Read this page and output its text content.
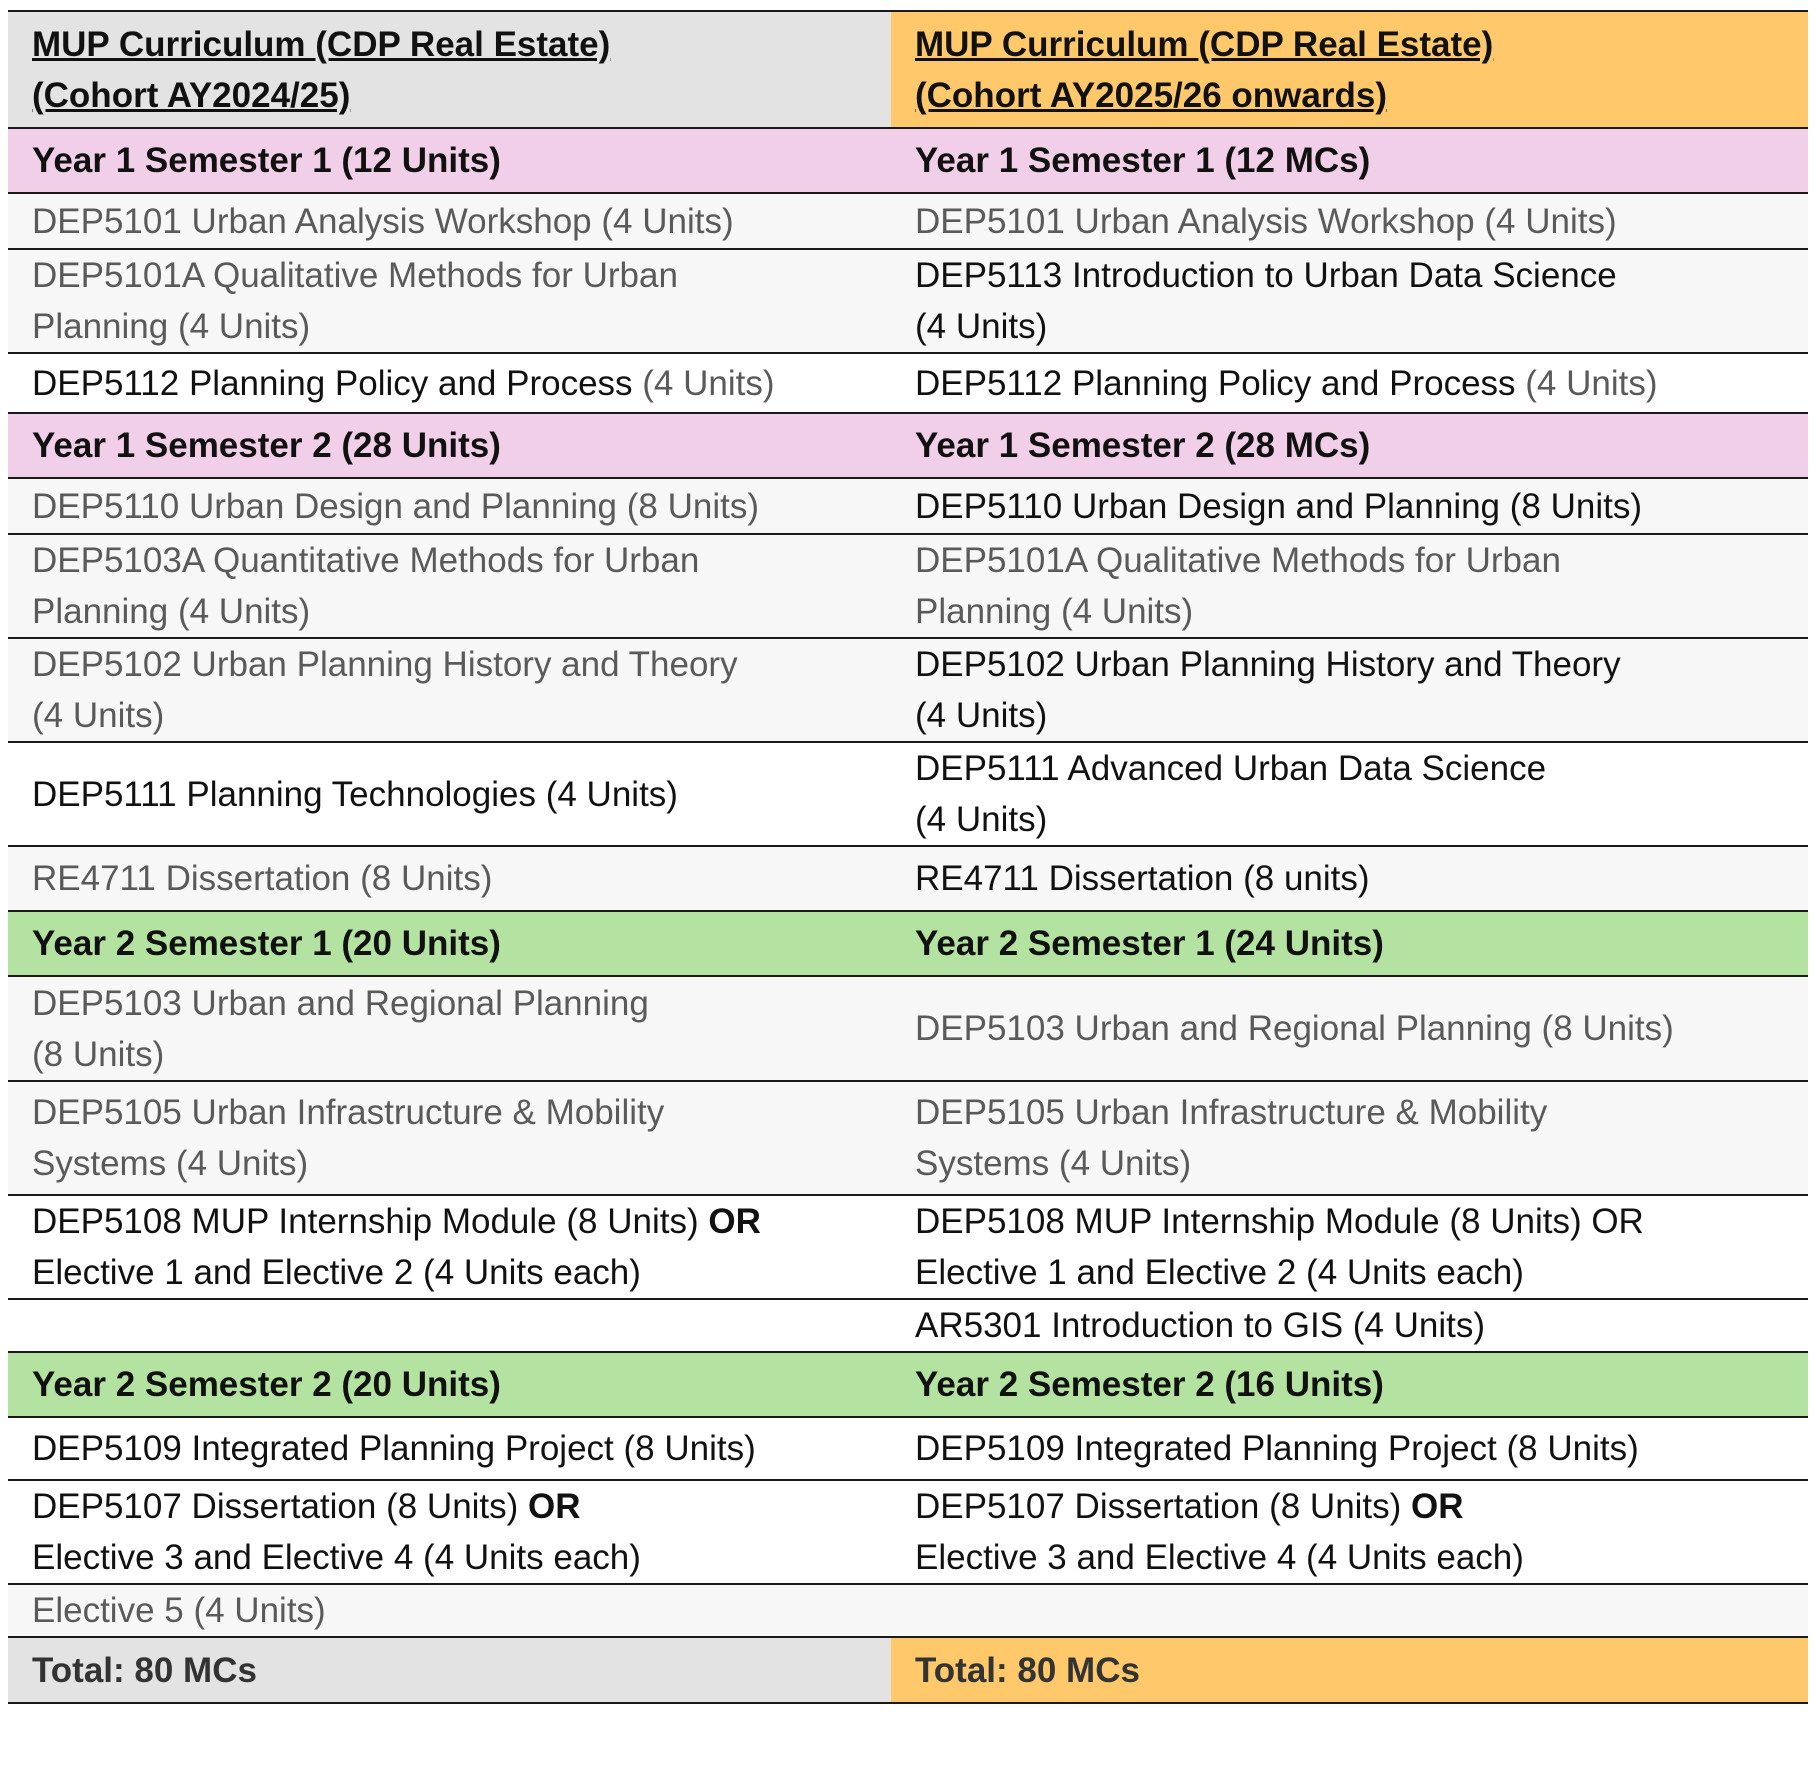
MUP Curriculum (CDP Real Estate)
(Cohort AY2024/25)	MUP Curriculum (CDP Real Estate)
(Cohort AY2025/26 onwards)

Year 1 Semester 1 (12 Units)	Year 1 Semester 1 (12 MCs)
DEP5101 Urban Analysis Workshop (4 Units)	DEP5101 Urban Analysis Workshop (4 Units)

DEP5101A Qualitative Methods for Urban
Planning (4 Units)	DEP5113 Introduction to Urban Data Science
(4 Units)

DEP5112 Planning Policy and Process (4 Units)	DEP5112 Planning Policy and Process (4 Units)
Year 1 Semester 2 (28 Units)	Year 1 Semester 2 (28 MCs)
DEP5110 Urban Design and Planning (8 Units)	DEP5110 Urban Design and Planning (8 Units)

DEP5103A Quantitative Methods for Urban
Planning (4 Units)	DEP5101A Qualitative Methods for Urban
Planning (4 Units)

DEP5102 Urban Planning History and Theory
(4 Units)	DEP5102 Urban Planning History and Theory
(4 Units)

DEP5111 Planning Technologies (4 Units)	DEP5111 Advanced Urban Data Science
(4 Units)

RE4711 Dissertation (8 Units)	RE4711 Dissertation (8 units)
Year 2 Semester 1 (20 Units)	Year 2 Semester 1 (24 Units)

DEP5103 Urban and Regional Planning
(8 Units)	DEP5103 Urban and Regional Planning (8 Units)

DEP5105 Urban Infrastructure & Mobility
Systems (4 Units)	DEP5105 Urban Infrastructure & Mobility
Systems (4 Units)

DEP5108 MUP Internship Module (8 Units) OR
Elective 1 and Elective 2 (4 Units each)	DEP5108 MUP Internship Module (8 Units) OR
Elective 1 and Elective 2 (4 Units each)

	AR5301 Introduction to GIS (4 Units)
Year 2 Semester 2 (20 Units)	Year 2 Semester 2 (16 Units)
DEP5109 Integrated Planning Project (8 Units)	DEP5109 Integrated Planning Project (8 Units)

DEP5107 Dissertation (8 Units) OR
Elective 3 and Elective 4 (4 Units each)	DEP5107 Dissertation (8 Units) OR
Elective 3 and Elective 4 (4 Units each)

Elective 5 (4 Units)	
Total: 80 MCs	Total: 80 MCs
